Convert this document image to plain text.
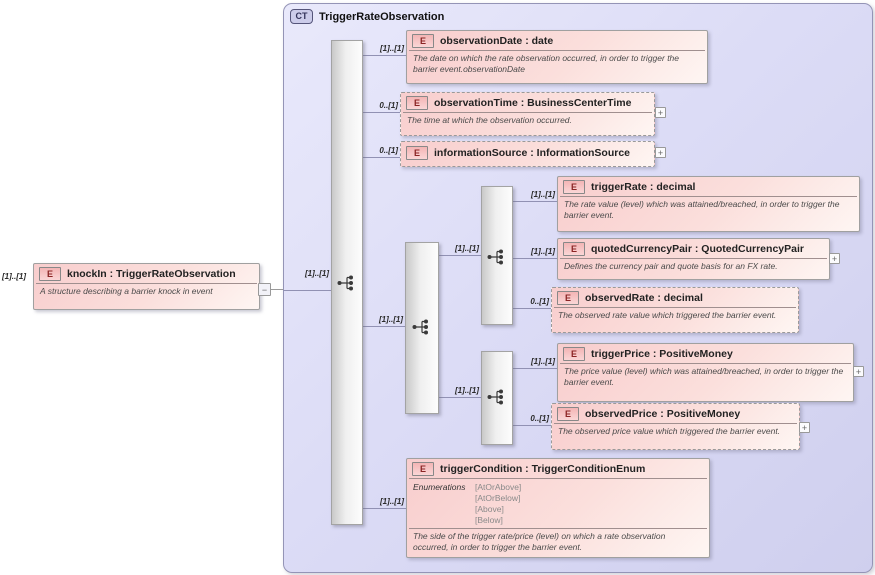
CT	TriggerRateObservation
[1]..[1]	[1]..[1]
[1]..[1]
0..[1]
0..[1]
[1]..[1]
[1]..[1]
[1]..[1]
[1]..[1]
[1]..[1]
[1]..[1]
0..[1]
[1]..[1]
0..[1]
E	knockIn : TriggerRateObservation
A structure describing a barrier knock in event	−
E	observationDate : date
The date on which the rate observation occurred, in order to trigger the barrier event.observationDate
E	observationTime : BusinessCenterTime
The time at which the observation occurred.
+
E	informationSource : InformationSource	+
E	triggerRate : decimal
The rate value (level) which was attained/breached, in order to trigger the barrier event.
E	quotedCurrencyPair : QuotedCurrencyPair
Defines the currency pair and quote basis for an FX rate.
+
E	observedRate : decimal
The observed rate value which triggered the barrier event.
E	triggerPrice : PositiveMoney
The price value (level) which was attained/breached, in order to trigger the barrier event.
+
E	observedPrice : PositiveMoney
The observed price value which triggered the barrier event.	+
E	triggerCondition : TriggerConditionEnum
Enumerations	[AtOrAbove]
[AtOrBelow]
[Above]
[Below]
The side of the trigger rate/price (level) on which a rate observation occurred, in order to trigger the barrier event.
